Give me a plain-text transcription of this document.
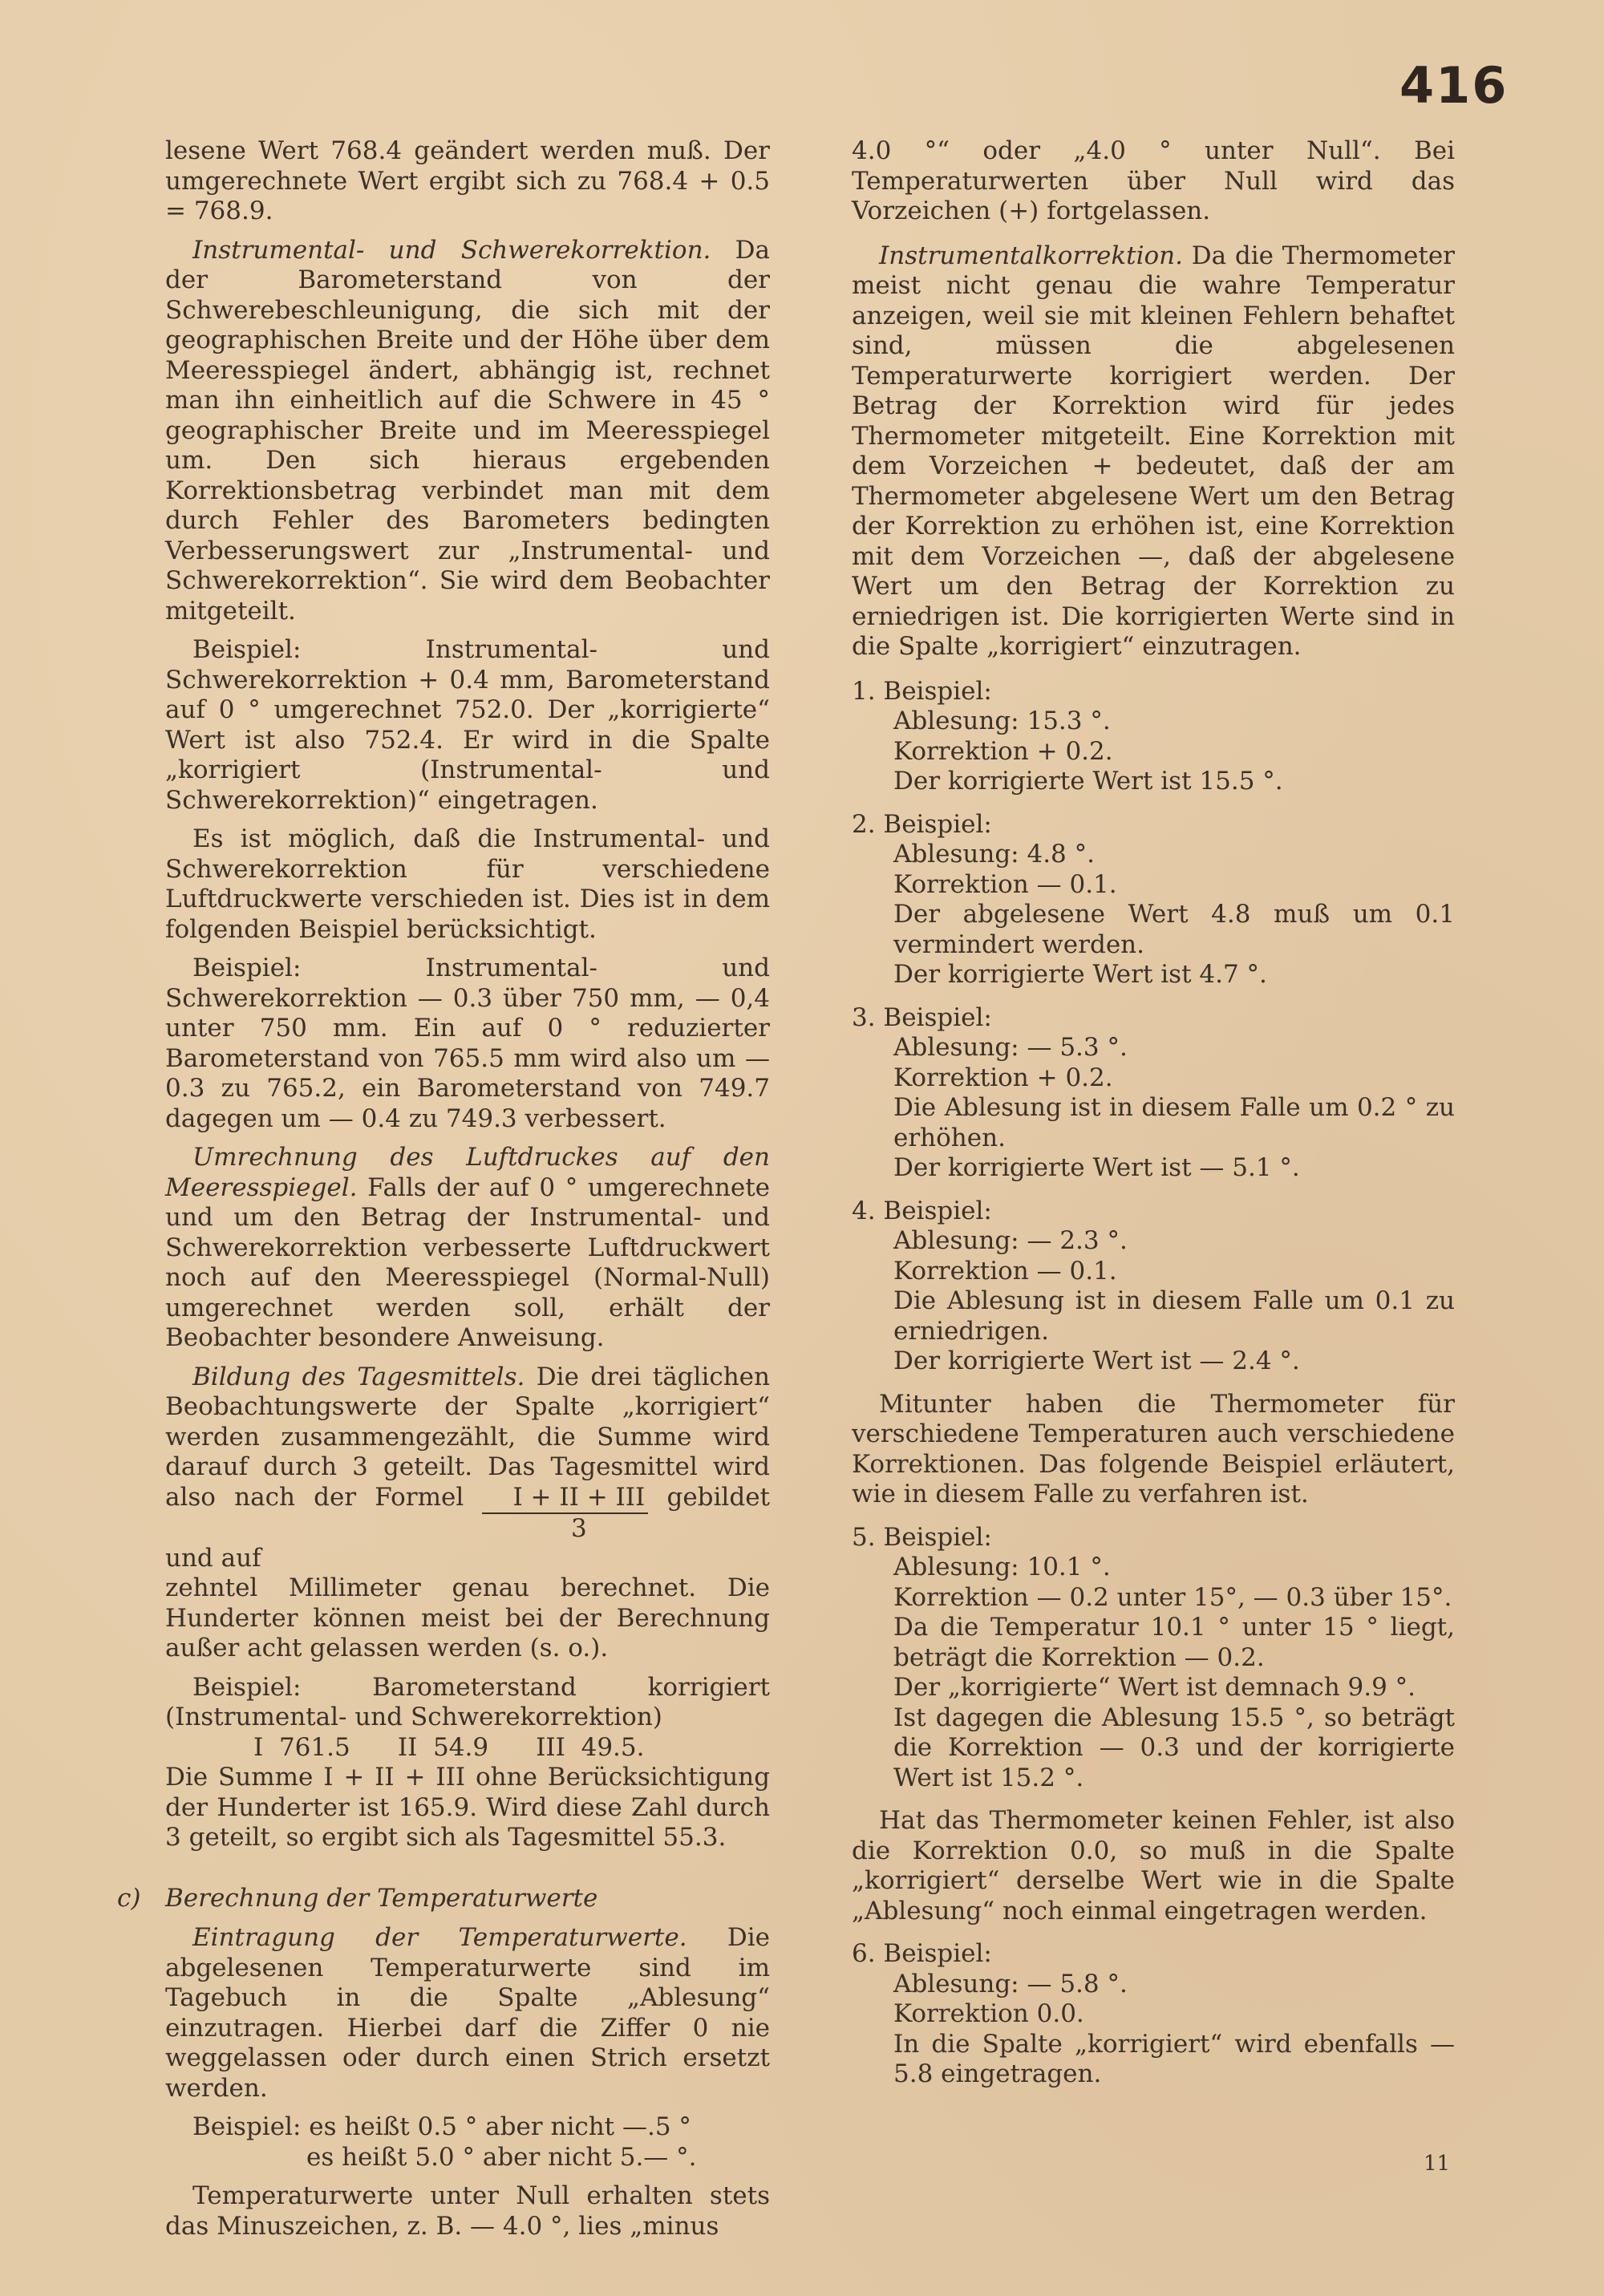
416

lesene Wert 768.4 geändert werden muß. Der umgerechnete Wert ergibt sich zu 768.4 + 0.5 = 768.9.

Instrumental- und Schwerekorrektion. Da der Barometerstand von der Schwerebeschleunigung, die sich mit der geographischen Breite und der Höhe über dem Meeresspiegel ändert, abhängig ist, rechnet man ihn einheitlich auf die Schwere in 45 ° geographischer Breite und im Meeresspiegel um. Den sich hieraus ergebenden Korrektionsbetrag verbindet man mit dem durch Fehler des Barometers bedingten Verbesserungswert zur „Instrumental- und Schwerekorrektion“. Sie wird dem Beobachter mitgeteilt.

Beispiel: Instrumental- und Schwerekorrektion + 0.4 mm, Barometerstand auf 0 ° umgerechnet 752.0. Der „korrigierte“ Wert ist also 752.4. Er wird in die Spalte „korrigiert (Instrumental- und Schwerekorrektion)“ eingetragen.

Es ist möglich, daß die Instrumental- und Schwerekorrektion für verschiedene Luftdruckwerte verschieden ist. Dies ist in dem folgenden Beispiel berücksichtigt.

Beispiel: Instrumental- und Schwerekorrektion — 0.3 über 750 mm, — 0,4 unter 750 mm. Ein auf 0 ° reduzierter Barometerstand von 765.5 mm wird also um — 0.3 zu 765.2, ein Barometerstand von 749.7 dagegen um — 0.4 zu 749.3 verbessert.

Umrechnung des Luftdruckes auf den Meeresspiegel. Falls der auf 0 ° umgerechnete und um den Betrag der Instrumental- und Schwerekorrektion verbesserte Luftdruckwert noch auf den Meeresspiegel (Normal-Null) umgerechnet werden soll, erhält der Beobachter besondere Anweisung.

Bildung des Tagesmittels. Die drei täglichen Beobachtungswerte der Spalte „korrigiert“ werden zusammengezählt, die Summe wird darauf durch 3 geteilt. Das Tagesmittel wird also nach der Formel $\frac{\text{I + II + III}}{3}$ gebildet und auf

zehntel Millimeter genau berechnet. Die Hunderter können meist bei der Berechnung außer acht gelassen werden (s. o.).

Beispiel: Barometerstand korrigiert (Instrumental- und Schwerekorrektion)

I  761.5      II  54.9      III  49.5.

Die Summe I + II + III ohne Berücksichtigung der Hunderter ist 165.9. Wird diese Zahl durch 3 geteilt, so ergibt sich als Tagesmittel 55.3.

c) Berechnung der Temperaturwerte

Eintragung der Temperaturwerte. Die abgelesenen Temperaturwerte sind im Tagebuch in die Spalte „Ablesung“ einzutragen. Hierbei darf die Ziffer 0 nie weggelassen oder durch einen Strich ersetzt werden.

Beispiel: es heißt 0.5 ° aber nicht —.5 °

es heißt 5.0 ° aber nicht 5.— °.

Temperaturwerte unter Null erhalten stets das Minuszeichen, z. B. — 4.0 °, lies „minus

4.0 °“ oder „4.0 ° unter Null“. Bei Temperaturwerten über Null wird das Vorzeichen (+) fortgelassen.

Instrumentalkorrektion. Da die Thermometer meist nicht genau die wahre Temperatur anzeigen, weil sie mit kleinen Fehlern behaftet sind, müssen die abgelesenen Temperaturwerte korrigiert werden. Der Betrag der Korrektion wird für jedes Thermometer mitgeteilt. Eine Korrektion mit dem Vorzeichen + bedeutet, daß der am Thermometer abgelesene Wert um den Betrag der Korrektion zu erhöhen ist, eine Korrektion mit dem Vorzeichen —, daß der abgelesene Wert um den Betrag der Korrektion zu erniedrigen ist. Die korrigierten Werte sind in die Spalte „korrigiert“ einzutragen.

1. Beispiel:

Ablesung: 15.3 °.

Korrektion + 0.2.

Der korrigierte Wert ist 15.5 °.

2. Beispiel:

Ablesung: 4.8 °.

Korrektion — 0.1.

Der abgelesene Wert 4.8 muß um 0.1 vermindert werden.

Der korrigierte Wert ist 4.7 °.

3. Beispiel:

Ablesung: — 5.3 °.

Korrektion + 0.2.

Die Ablesung ist in diesem Falle um 0.2 ° zu erhöhen.

Der korrigierte Wert ist — 5.1 °.

4. Beispiel:

Ablesung: — 2.3 °.

Korrektion — 0.1.

Die Ablesung ist in diesem Falle um 0.1 zu erniedrigen.

Der korrigierte Wert ist — 2.4 °.

Mitunter haben die Thermometer für verschiedene Temperaturen auch verschiedene Korrektionen. Das folgende Beispiel erläutert, wie in diesem Falle zu verfahren ist.

5. Beispiel:

Ablesung: 10.1 °.

Korrektion — 0.2 unter 15°, — 0.3 über 15°.

Da die Temperatur 10.1 ° unter 15 ° liegt, beträgt die Korrektion — 0.2.

Der „korrigierte“ Wert ist demnach 9.9 °.

Ist dagegen die Ablesung 15.5 °, so beträgt die Korrektion — 0.3 und der korrigierte Wert ist 15.2 °.

Hat das Thermometer keinen Fehler, ist also die Korrektion 0.0, so muß in die Spalte „korrigiert“ derselbe Wert wie in die Spalte „Ablesung“ noch einmal eingetragen werden.

6. Beispiel:

Ablesung: — 5.8 °.

Korrektion 0.0.

In die Spalte „korrigiert“ wird ebenfalls — 5.8 eingetragen.

11
